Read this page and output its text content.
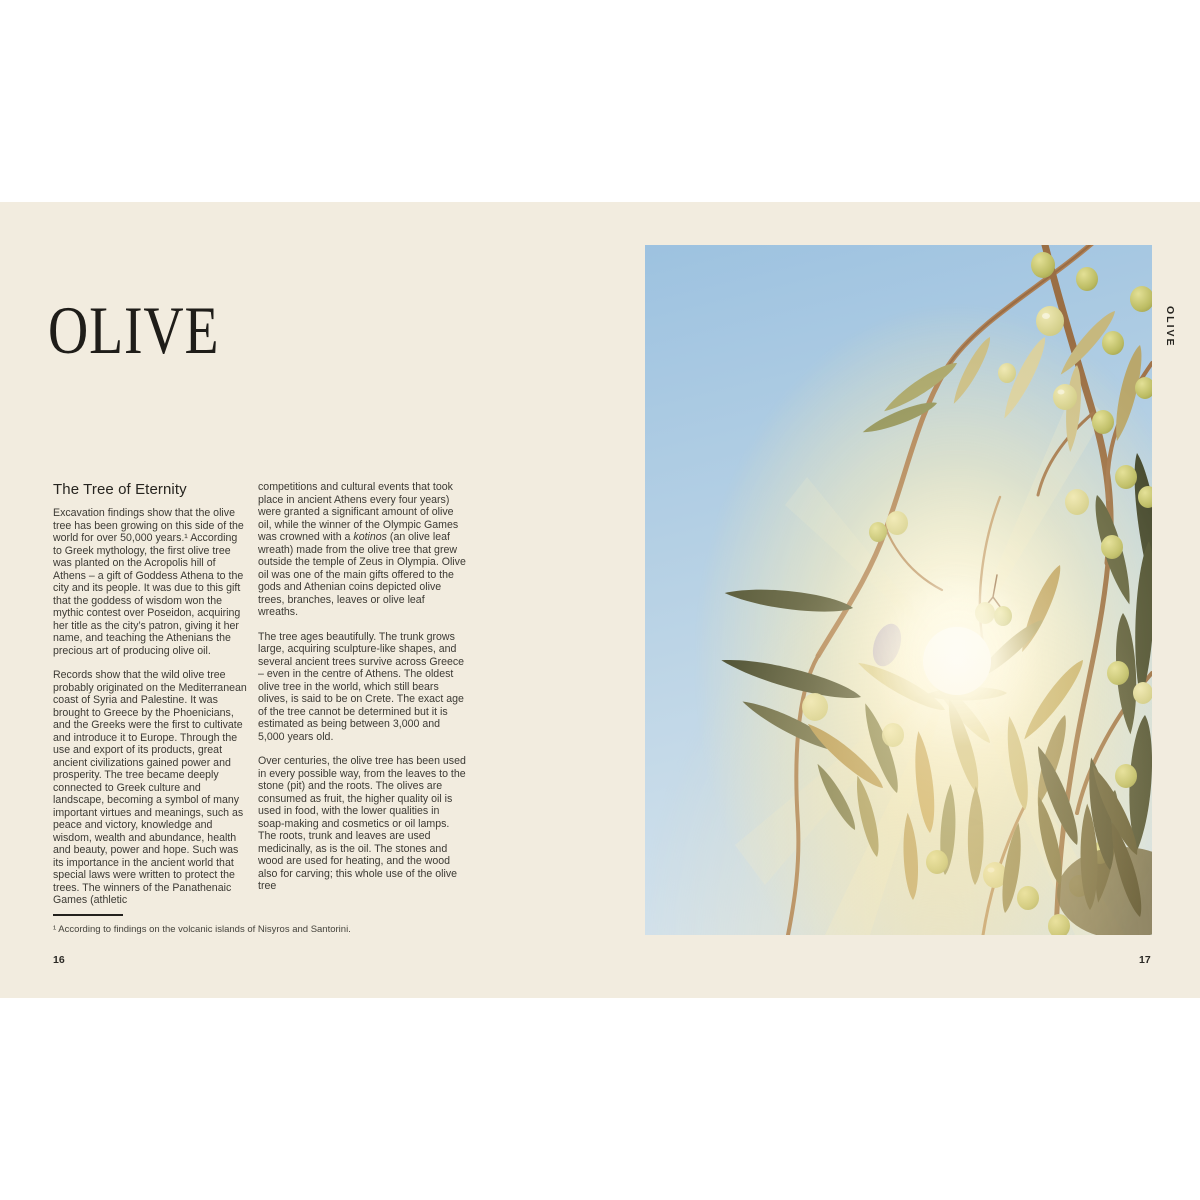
OLIVE
The Tree of Eternity

Excavation findings show that the olive tree has been growing on this side of the world for over 50,000 years.¹ According to Greek mythology, the first olive tree was planted on the Acropolis hill of Athens – a gift of Goddess Athena to the city and its people. It was due to this gift that the goddess of wisdom won the mythic contest over Poseidon, acquiring her title as the city’s patron, giving it her name, and teaching the Athenians the precious art of producing olive oil.

Records show that the wild olive tree probably originated on the Mediterranean coast of Syria and Palestine. It was brought to Greece by the Phoenicians, and the Greeks were the first to cultivate and introduce it to Europe. Through the use and export of its products, great ancient civilizations gained power and prosperity. The tree became deeply connected to Greek culture and landscape, becoming a symbol of many important virtues and meanings, such as peace and victory, knowledge and wisdom, wealth and abundance, health and beauty, power and hope. Such was its importance in the ancient world that special laws were written to protect the trees. The winners of the Panathenaic Games (athletic

competitions and cultural events that took place in ancient Athens every four years) were granted a significant amount of olive oil, while the winner of the Olympic Games was crowned with a kotinos (an olive leaf wreath) made from the olive tree that grew outside the temple of Zeus in Olympia. Olive oil was one of the main gifts offered to the gods and Athenian coins depicted olive trees, branches, leaves or olive leaf wreaths.

The tree ages beautifully. The trunk grows large, acquiring sculpture-like shapes, and several ancient trees survive across Greece – even in the centre of Athens. The oldest olive tree in the world, which still bears olives, is said to be on Crete. The exact age of the tree cannot be determined but it is estimated as being between 3,000 and 5,000 years old.

Over centuries, the olive tree has been used in every possible way, from the leaves to the stone (pit) and the roots. The olives are consumed as fruit, the higher quality oil is used in food, with the lower qualities in soap-making and cosmetics or oil lamps. The roots, trunk and leaves are used medicinally, as is the oil. The stones and wood are used for heating, and the wood also for carving; this whole use of the olive tree

¹ According to findings on the volcanic islands of Nisyros and Santorini.
16
OLIVE
17
